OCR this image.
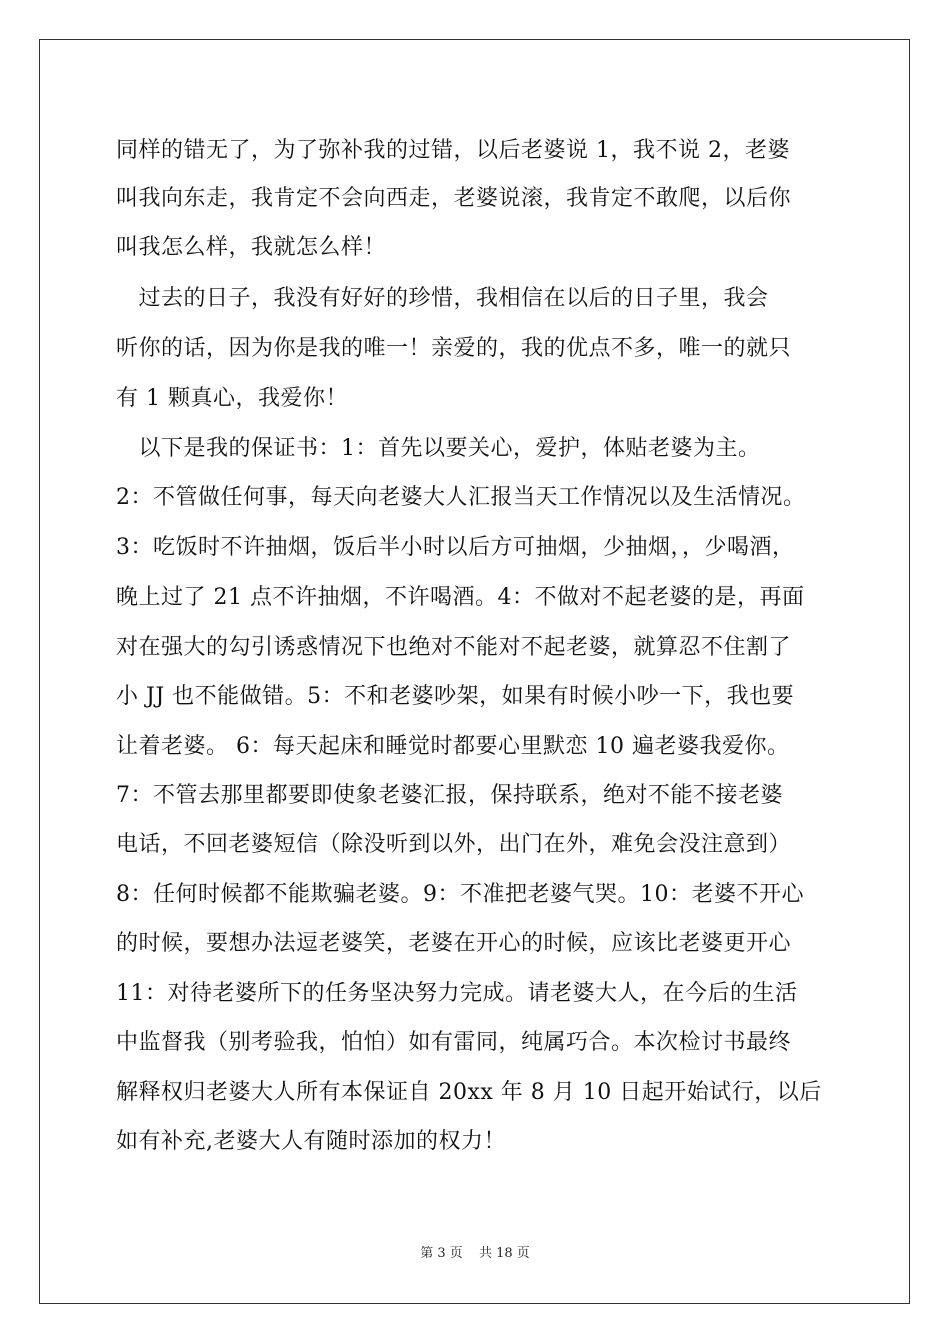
同样的错无了，为了弥补我的过错，以后老婆说 1，我不说 2，老婆
叫我向东走，我肯定不会向西走，老婆说滚，我肯定不敢爬，以后你
叫我怎么样，我就怎么样！
　过去的日子，我没有好好的珍惜，我相信在以后的日子里，我会
听你的话，因为你是我的唯一！亲爱的，我的优点不多，唯一的就只
有 1 颗真心，我爱你！
　以下是我的保证书：1：首先以要关心，爱护，体贴老婆为主。
2：不管做任何事，每天向老婆大人汇报当天工作情况以及生活情况。
3：吃饭时不许抽烟，饭后半小时以后方可抽烟，少抽烟，，少喝酒，
晚上过了 21 点不许抽烟，不许喝酒。4：不做对不起老婆的是，再面
对在强大的勾引诱惑情况下也绝对不能对不起老婆，就算忍不住割了
小 JJ 也不能做错。5：不和老婆吵架，如果有时候小吵一下，我也要
让着老婆。 6：每天起床和睡觉时都要心里默恋 10 遍老婆我爱你。
7：不管去那里都要即使象老婆汇报，保持联系，绝对不能不接老婆
电话，不回老婆短信（除没听到以外，出门在外，难免会没注意到）
8：任何时候都不能欺骗老婆。9：不准把老婆气哭。10：老婆不开心
的时候，要想办法逗老婆笑，老婆在开心的时候，应该比老婆更开心
11：对待老婆所下的任务坚决努力完成。请老婆大人，在今后的生活
中监督我（别考验我，怕怕）如有雷同，纯属巧合。本次检讨书最终
解释权归老婆大人所有本保证自 20xx 年 8 月 10 日起开始试行，以后
如有补充,老婆大人有随时添加的权力！
第 3 页 共 18 页
